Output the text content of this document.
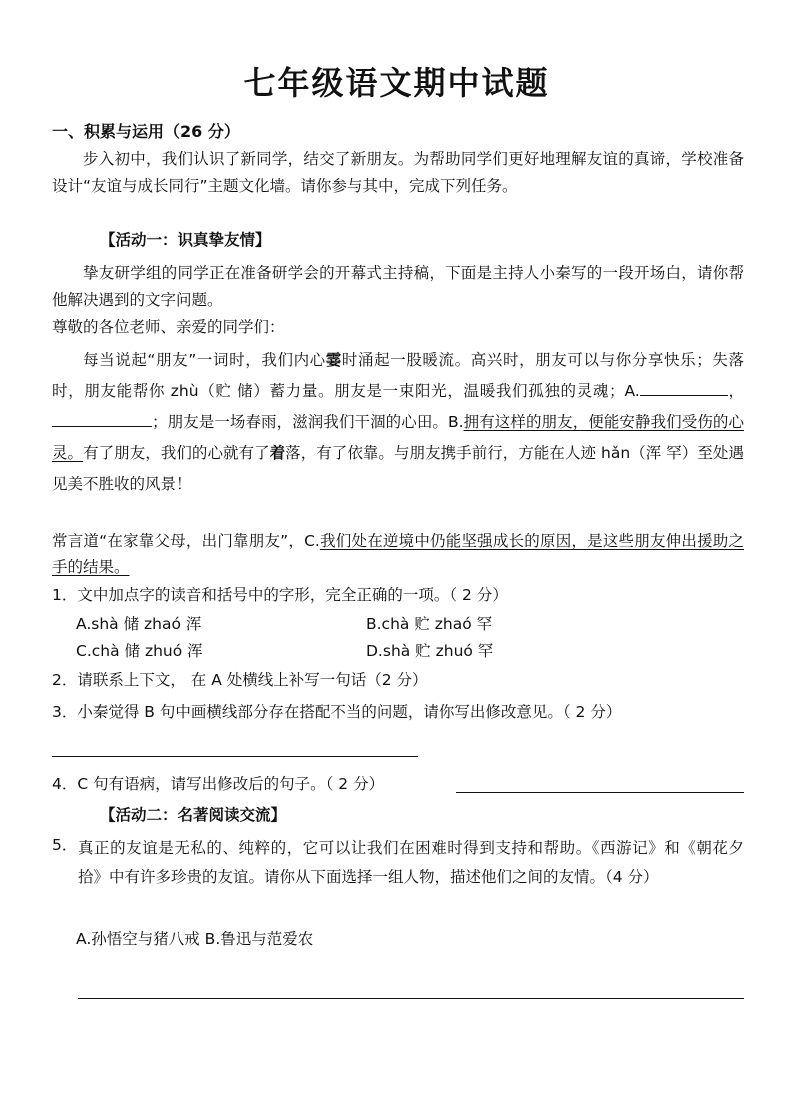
七年级语文期中试题
一、积累与运用（26 分）
步入初中，我们认识了新同学，结交了新朋友。为帮助同学们更好地理解友谊的真谛，学校准备设计“友谊与成长同行”主题文化墙。请你参与其中，完成下列任务。
【活动一：识真挚友情】
挚友研学组的同学正在准备研学会的开幕式主持稿，下面是主持人小秦写的一段开场白，请你帮他解决遇到的文字问题。
尊敬的各位老师、亲爱的同学们：
每当说起“朋友”一词时，我们内心霎时涌起一股暖流。高兴时，朋友可以与你分享快乐；失落时，朋友能帮你 zhù（贮 储）蓄力量。朋友是一束阳光，温暖我们孤独的灵魂；A.	，；朋友是一场春雨，滋润我们干涸的心田。B.拥有这样的朋友，便能安静我们受伤的心灵。有了朋友，我们的心就有了着落，有了依靠。与朋友携手前行，方能在人迹 hǎn（浑 罕）至处遇见美不胜收的风景！
常言道“在家靠父母，出门靠朋友”，C.我们处在逆境中仍能坚强成长的原因，是这些朋友伸出援助之手的结果。
1．文中加点字的读音和括号中的字形，完全正确的一项。（ 2 分）
A.shà 储 zhaó 浑	B.chà 贮 zhaó 罕
C.chà 储 zhuó 浑	D.shà 贮 zhuó 罕
2．请联系上下文， 在 A 处横线上补写一句话（2 分）
3．小秦觉得 B 句中画横线部分存在搭配不当的问题，请你写出修改意见。（ 2 分）
4．C 句有语病，请写出修改后的句子。（ 2 分）
【活动二：名著阅读交流】
5． 真正的友谊是无私的、纯粹的，它可以让我们在困难时得到支持和帮助。《西游记》和《朝花夕拾》中有许多珍贵的友谊。请你从下面选择一组人物，描述他们之间的友情。（4 分）
A.孙悟空与猪八戒 B.鲁迅与范爱农
